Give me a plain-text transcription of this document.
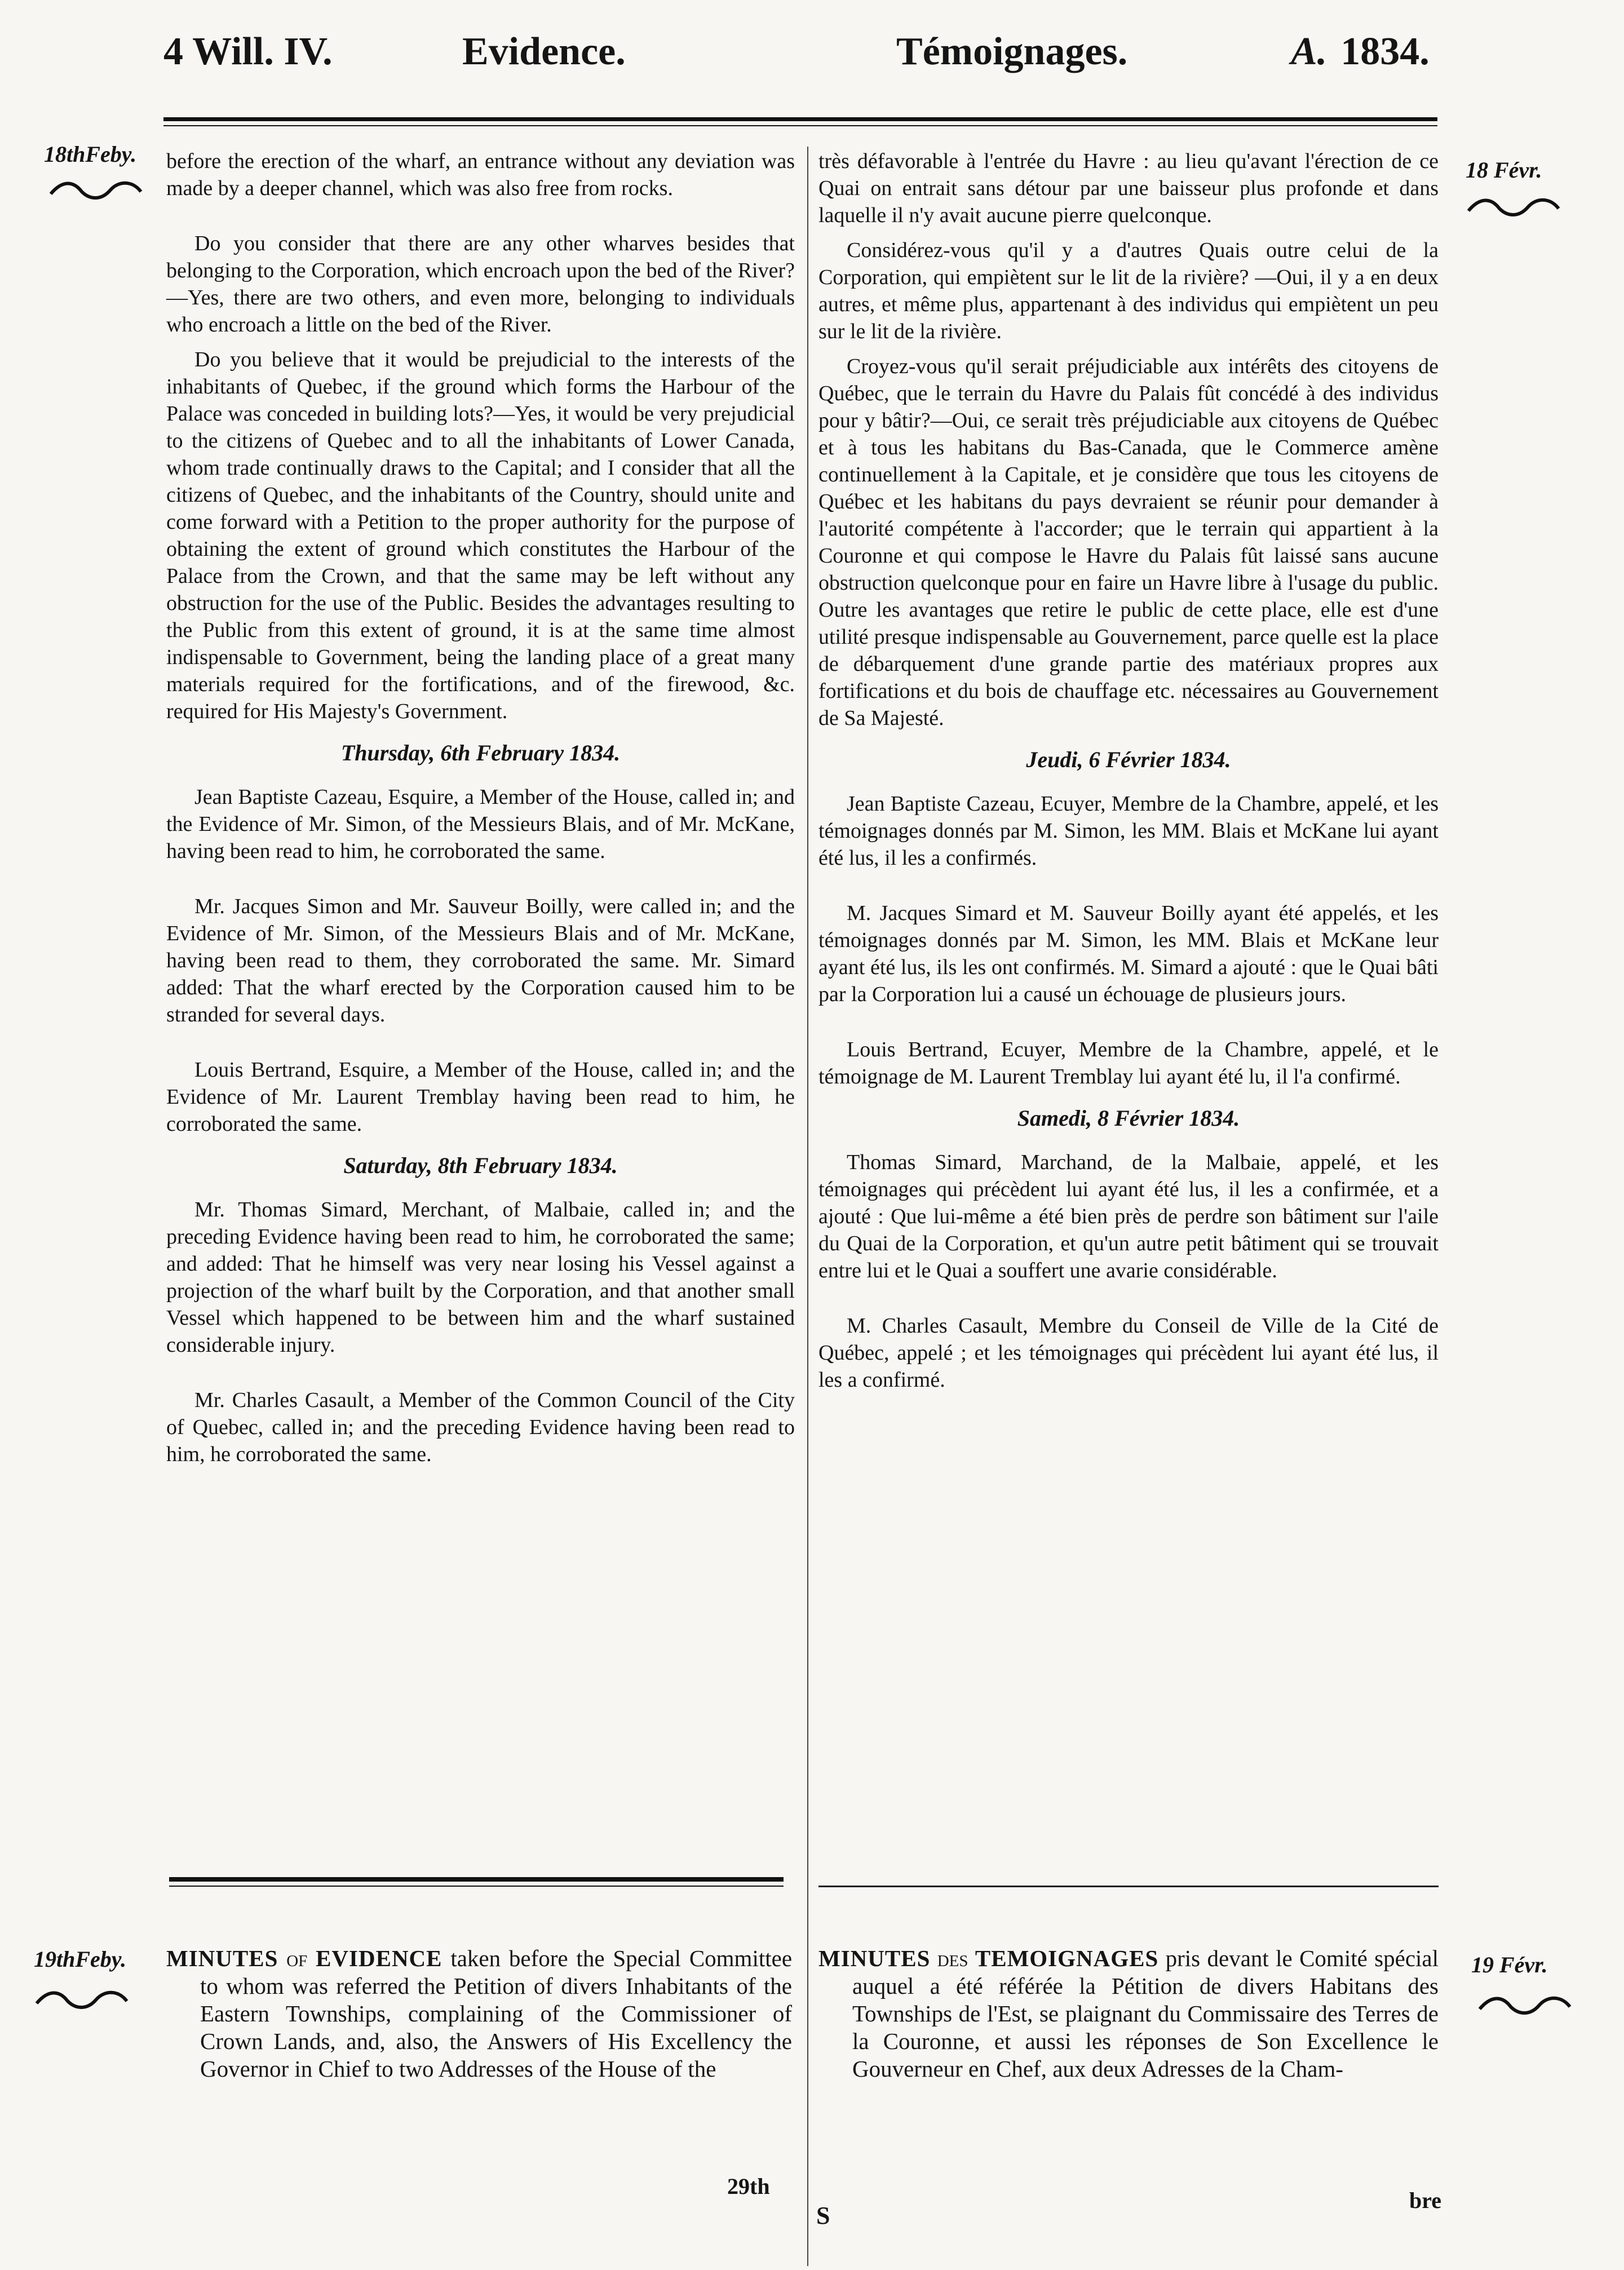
4 Will. IV.	Evidence.	Témoignages.	A. 1834.
18thFeby.
18 Févr.

before the erection of the wharf, an entrance without any deviation was made by a deeper channel, which was also free from rocks.

Do you consider that there are any other wharves besides that belonging to the Corporation, which encroach upon the bed of the River?—Yes, there are two others, and even more, belonging to individuals who encroach a little on the bed of the River.

Do you believe that it would be prejudicial to the interests of the inhabitants of Quebec, if the ground which forms the Harbour of the Palace was conceded in building lots?—Yes, it would be very prejudicial to the citizens of Quebec and to all the inhabitants of Lower Canada, whom trade continually draws to the Capital; and I consider that all the citizens of Quebec, and the inhabitants of the Country, should unite and come forward with a Petition to the proper authority for the purpose of obtaining the extent of ground which constitutes the Harbour of the Palace from the Crown, and that the same may be left without any obstruction for the use of the Public. Besides the advantages resulting to the Public from this extent of ground, it is at the same time almost indispensable to Government, being the landing place of a great many materials required for the fortifications, and of the firewood, &c. required for His Majesty's Government.

Thursday, 6th February 1834.

Jean Baptiste Cazeau, Esquire, a Member of the House, called in; and the Evidence of Mr. Simon, of the Messieurs Blais, and of Mr. McKane, having been read to him, he corroborated the same.

Mr. Jacques Simon and Mr. Sauveur Boilly, were called in; and the Evidence of Mr. Simon, of the Messieurs Blais and of Mr. McKane, having been read to them, they corroborated the same. Mr. Simard added: That the wharf erected by the Corporation caused him to be stranded for several days.

Louis Bertrand, Esquire, a Member of the House, called in; and the Evidence of Mr. Laurent Tremblay having been read to him, he corroborated the same.

Saturday, 8th February 1834.

Mr. Thomas Simard, Merchant, of Malbaie, called in; and the preceding Evidence having been read to him, he corroborated the same; and added: That he himself was very near losing his Vessel against a projection of the wharf built by the Corporation, and that another small Vessel which happened to be between him and the wharf sustained considerable injury.

Mr. Charles Casault, a Member of the Common Council of the City of Quebec, called in; and the preceding Evidence having been read to him, he corroborated the same.

très défavorable à l'entrée du Havre : au lieu qu'avant l'érection de ce Quai on entrait sans détour par une baisseur plus profonde et dans laquelle il n'y avait aucune pierre quelconque.

Considérez-vous qu'il y a d'autres Quais outre celui de la Corporation, qui empiètent sur le lit de la rivière? —Oui, il y a en deux autres, et même plus, appartenant à des individus qui empiètent un peu sur le lit de la rivière.

Croyez-vous qu'il serait préjudiciable aux intérêts des citoyens de Québec, que le terrain du Havre du Palais fût concédé à des individus pour y bâtir?—Oui, ce serait très préjudiciable aux citoyens de Québec et à tous les habitans du Bas-Canada, que le Commerce amène continuellement à la Capitale, et je considère que tous les citoyens de Québec et les habitans du pays devraient se réunir pour demander à l'autorité compétente à l'accorder; que le terrain qui appartient à la Couronne et qui compose le Havre du Palais fût laissé sans aucune obstruction quelconque pour en faire un Havre libre à l'usage du public. Outre les avantages que retire le public de cette place, elle est d'une utilité presque indispensable au Gouvernement, parce quelle est la place de débarquement d'une grande partie des matériaux propres aux fortifications et du bois de chauffage etc. nécessaires au Gouvernement de Sa Majesté.

Jeudi, 6 Février 1834.

Jean Baptiste Cazeau, Ecuyer, Membre de la Chambre, appelé, et les témoignages donnés par M. Simon, les MM. Blais et McKane lui ayant été lus, il les a confirmés.

M. Jacques Simard et M. Sauveur Boilly ayant été appelés, et les témoignages donnés par M. Simon, les MM. Blais et McKane leur ayant été lus, ils les ont confirmés. M. Simard a ajouté : que le Quai bâti par la Corporation lui a causé un échouage de plusieurs jours.

Louis Bertrand, Ecuyer, Membre de la Chambre, appelé, et le témoignage de M. Laurent Tremblay lui ayant été lu, il l'a confirmé.

Samedi, 8 Février 1834.

Thomas Simard, Marchand, de la Malbaie, appelé, et les témoignages qui précèdent lui ayant été lus, il les a confirmée, et a ajouté : Que lui-même a été bien près de perdre son bâtiment sur l'aile du Quai de la Corporation, et qu'un autre petit bâtiment qui se trouvait entre lui et le Quai a souffert une avarie considérable.

M. Charles Casault, Membre du Conseil de Ville de la Cité de Québec, appelé ; et les témoignages qui précèdent lui ayant été lus, il les a confirmé.

19thFeby.	19 Févr.

MINUTES of EVIDENCE taken before the Special Committee to whom was referred the Petition of divers Inhabitants of the Eastern Townships, complaining of the Commissioner of Crown Lands, and, also, the Answers of His Excellency the Governor in Chief to two Addresses of the House of the

29th

MINUTES des TEMOIGNAGES pris devant le Comité spécial auquel a été référée la Pétition de divers Habitans des Townships de l'Est, se plaignant du Commissaire des Terres de la Couronne, et aussi les réponses de Son Excellence le Gouverneur en Chef, aux deux Adresses de la Cham-

bre
S
